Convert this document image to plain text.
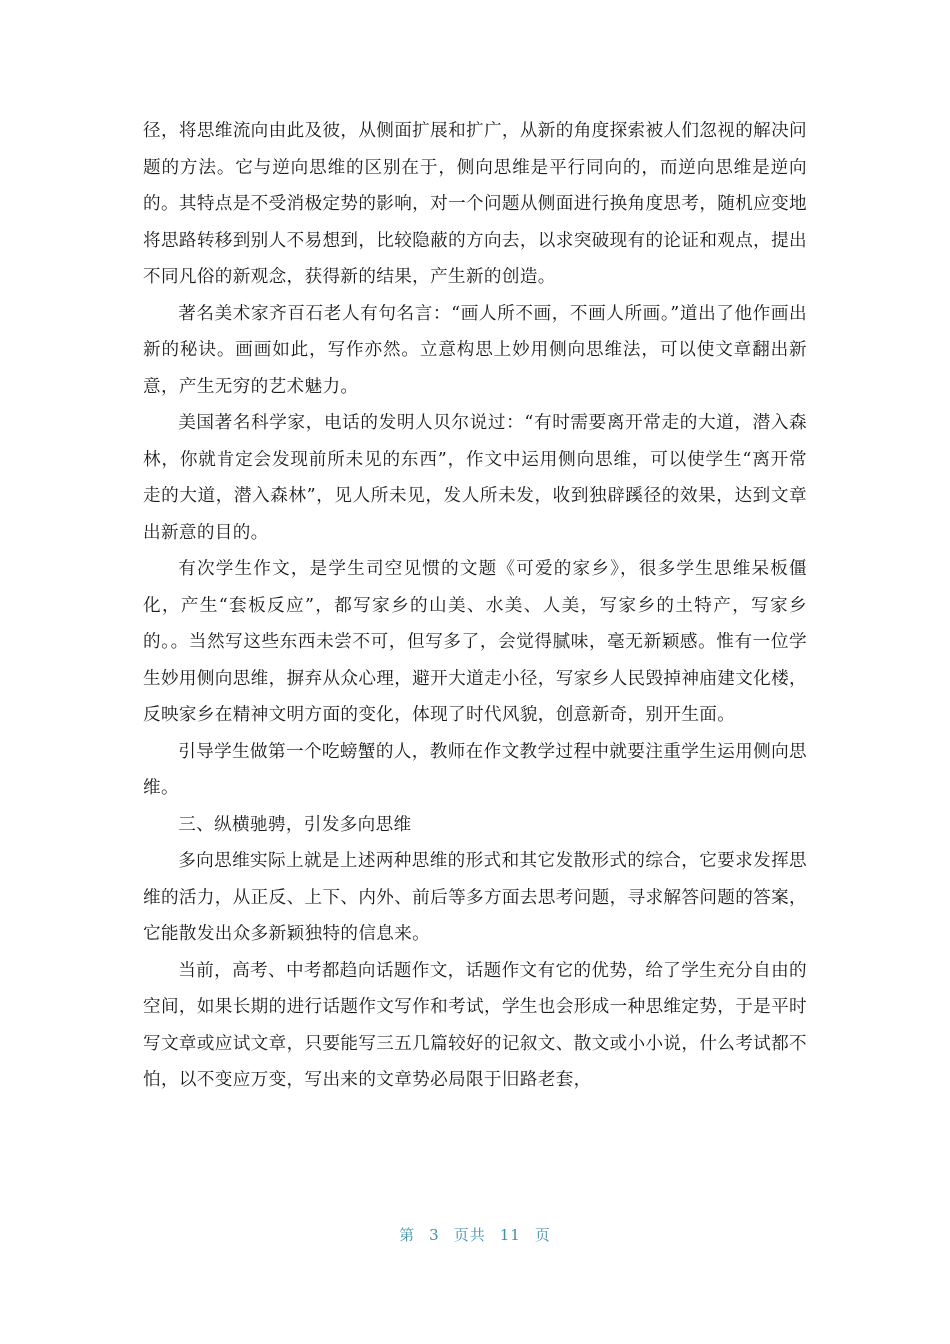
径，将思维流向由此及彼，从侧面扩展和扩广，从新的角度探索被人们忽视的解决问题的方法。它与逆向思维的区别在于，侧向思维是平行同向的，而逆向思维是逆向的。其特点是不受消极定势的影响，对一个问题从侧面进行换角度思考，随机应变地将思路转移到别人不易想到，比较隐蔽的方向去，以求突破现有的论证和观点，提出不同凡俗的新观念，获得新的结果，产生新的创造。

著名美术家齐百石老人有句名言：“画人所不画，不画人所画。”道出了他作画出新的秘诀。画画如此，写作亦然。立意构思上妙用侧向思维法，可以使文章翻出新意，产生无穷的艺术魅力。

美国著名科学家，电话的发明人贝尔说过：“有时需要离开常走的大道，潜入森林，你就肯定会发现前所未见的东西”，作文中运用侧向思维，可以使学生“离开常走的大道，潜入森林”，见人所未见，发人所未发，收到独辟蹊径的效果，达到文章出新意的目的。

有次学生作文，是学生司空见惯的文题《可爱的家乡》，很多学生思维呆板僵化，产生“套板反应”，都写家乡的山美、水美、人美，写家乡的土特产，写家乡的。。当然写这些东西未尝不可，但写多了，会觉得腻味，毫无新颖感。惟有一位学生妙用侧向思维，摒弃从众心理，避开大道走小径，写家乡人民毁掉神庙建文化楼，反映家乡在精神文明方面的变化，体现了时代风貌，创意新奇，别开生面。

引导学生做第一个吃螃蟹的人，教师在作文教学过程中就要注重学生运用侧向思维。

三、纵横驰骋，引发多向思维

多向思维实际上就是上述两种思维的形式和其它发散形式的综合，它要求发挥思维的活力，从正反、上下、内外、前后等多方面去思考问题，寻求解答问题的答案，它能散发出众多新颖独特的信息来。

当前，高考、中考都趋向话题作文，话题作文有它的优势，给了学生充分自由的空间，如果长期的进行话题作文写作和考试，学生也会形成一种思维定势，于是平时写文章或应试文章，只要能写三五几篇较好的记叙文、散文或小小说，什么考试都不怕，以不变应万变，写出来的文章势必局限于旧路老套，

第 3 页共 11 页
